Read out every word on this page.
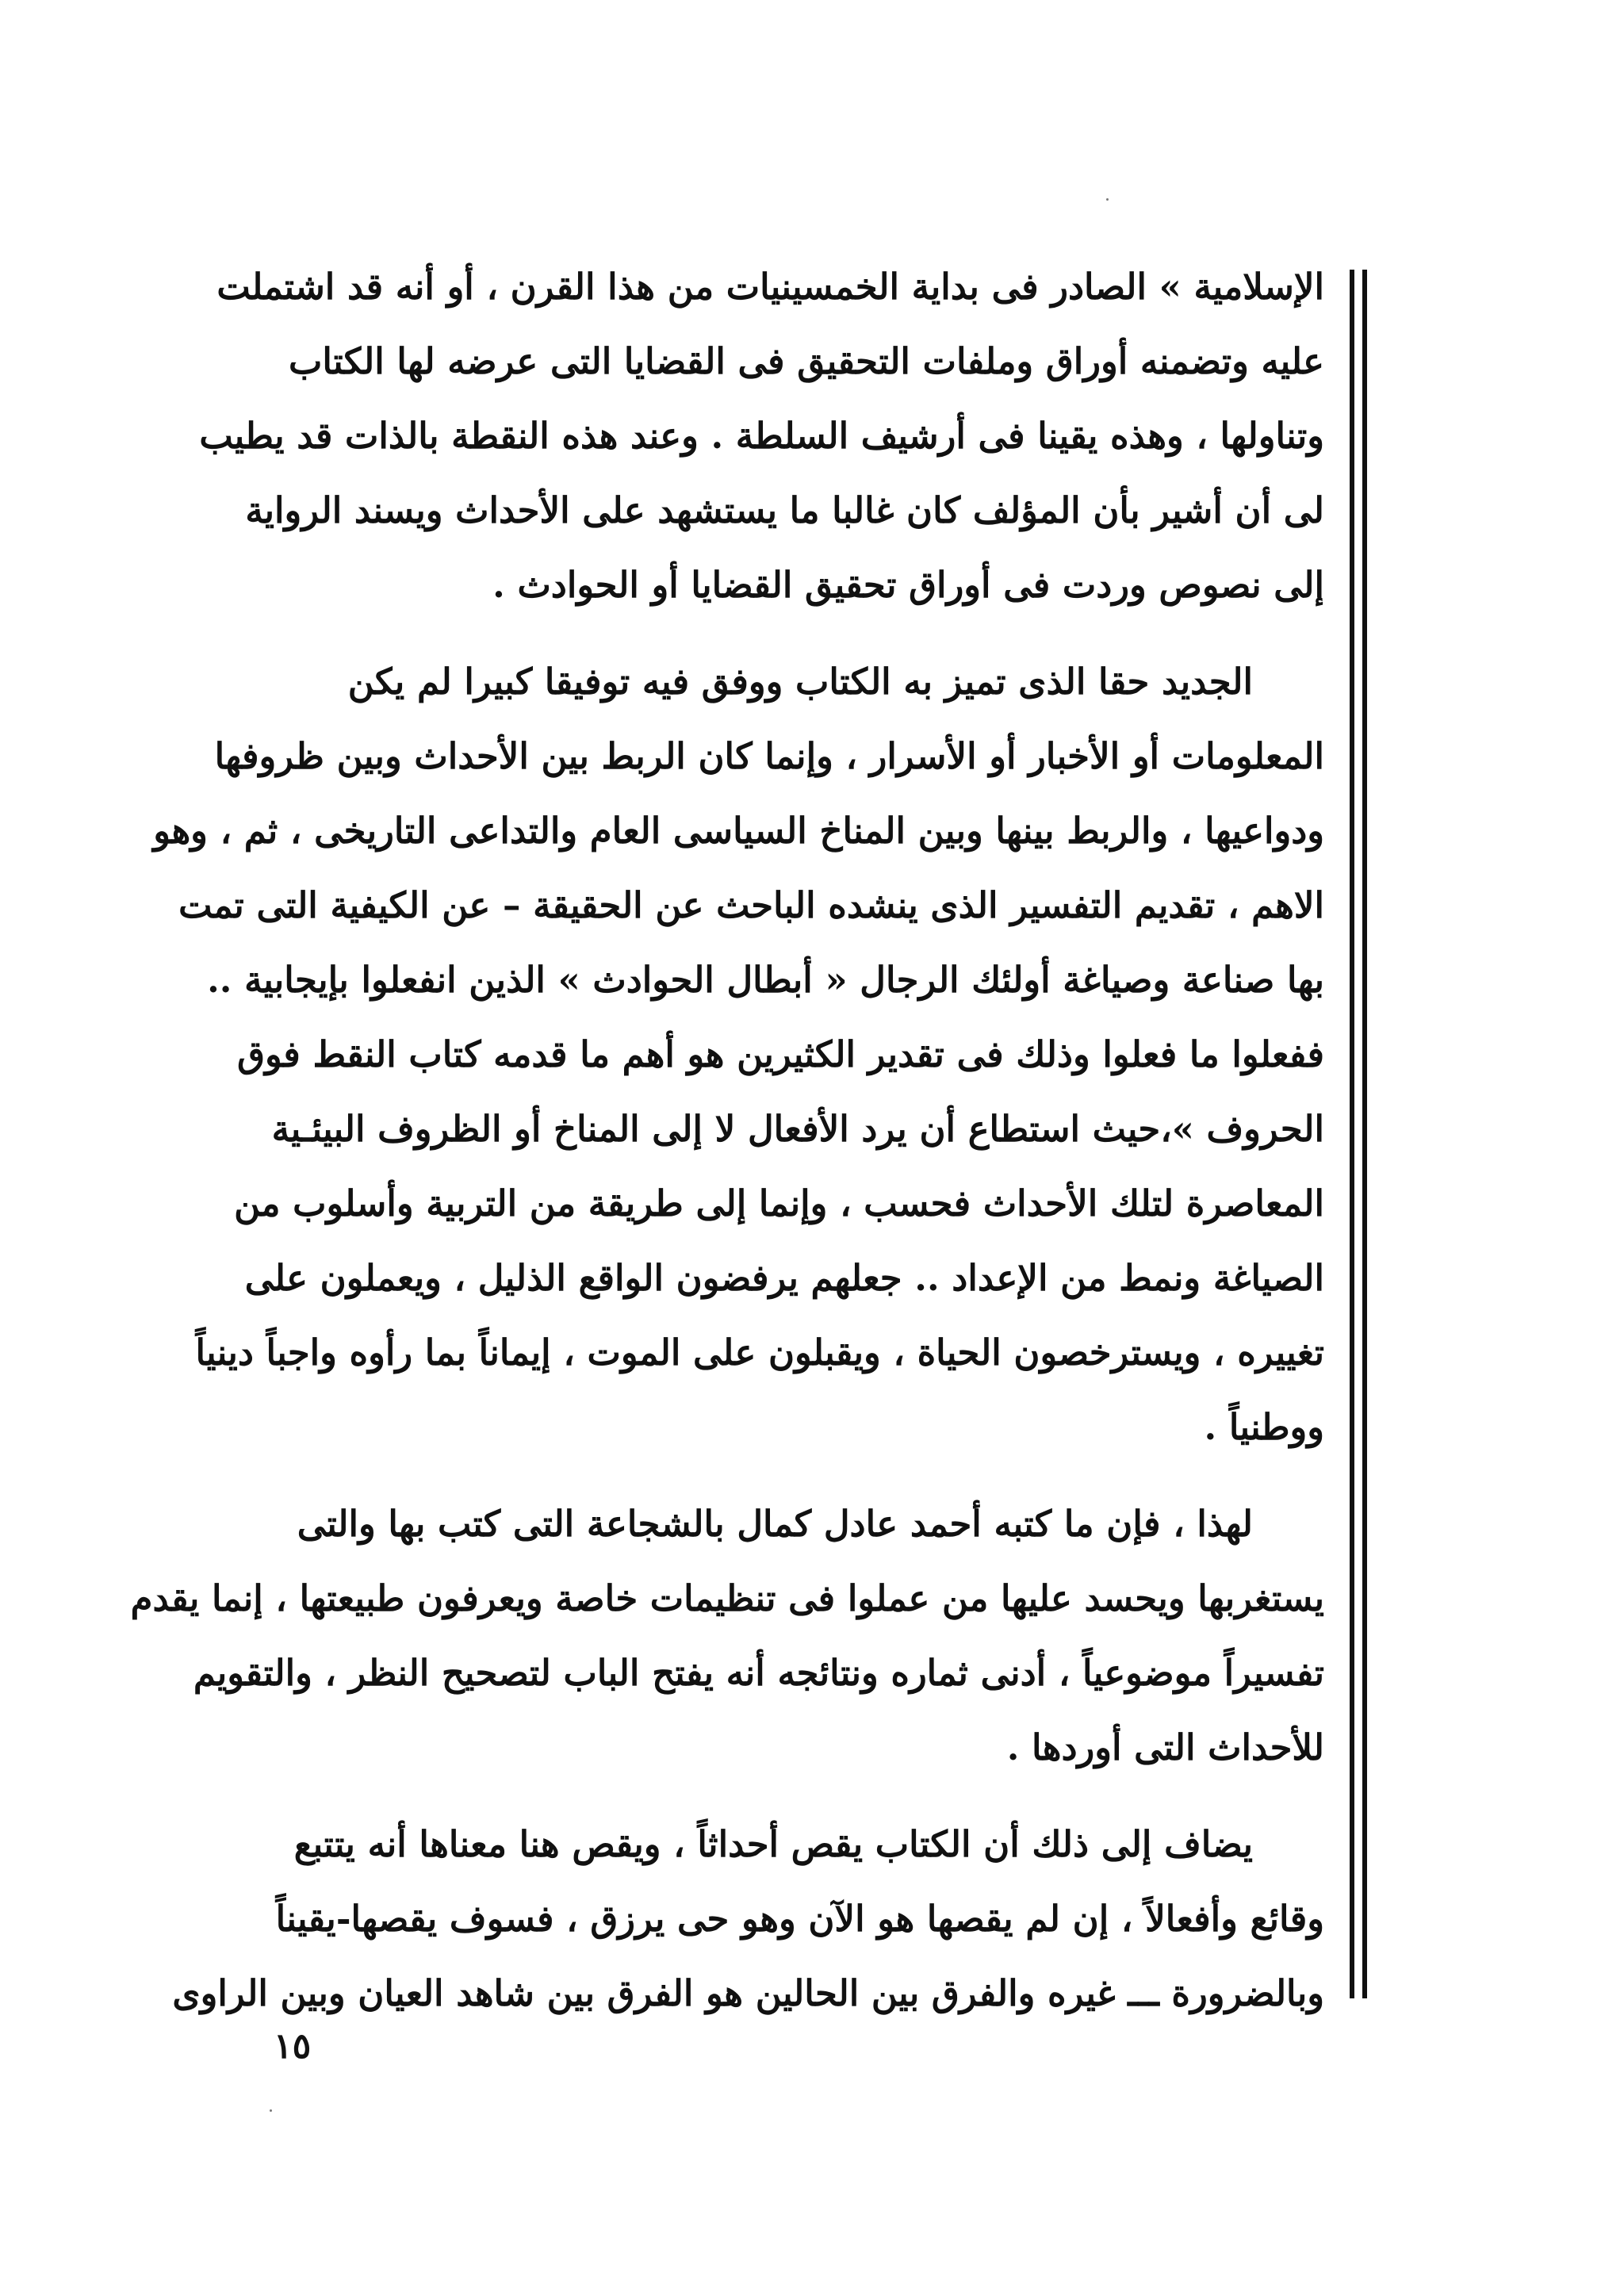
الإسلامية » الصادر فى بداية الخمسينيات من هذا القرن ، أو أنه قد اشتملت
عليه وتضمنه أوراق وملفات التحقيق فى القضايا التى عرضه لها الكتاب
وتناولها ، وهذه يقينا فى أرشيف السلطة . وعند هذه النقطة بالذات قد يطيب
لى أن أشير بأن المؤلف كان غالبا ما يستشهد على الأحداث ويسند الرواية
إلى نصوص وردت فى أوراق تحقيق القضايا أو الحوادث .
الجديد حقا الذى تميز به الكتاب ووفق فيه توفيقا كبيرا لم يكن
المعلومات أو الأخبار أو الأسرار ، وإنما كان الربط بين الأحداث وبين ظروفها
ودواعيها ، والربط بينها وبين المناخ السياسى العام والتداعى التاريخى ، ثم ، وهو
الاهم ، تقديم التفسير الذى ينشده الباحث عن الحقيقة – عن الكيفية التى تمت
بها صناعة وصياغة أولئك الرجال « أبطال الحوادث » الذين انفعلوا بإيجابية ..
ففعلوا ما فعلوا وذلك فى تقدير الكثيرين هو أهم ما قدمه كتاب النقط فوق
الحروف »،حيث استطاع أن يرد الأفعال لا إلى المناخ أو الظروف البيئـية
المعاصرة لتلك الأحداث فحسب ، وإنما إلى طريقة من التربية وأسلوب من
الصياغة ونمط من الإعداد .. جعلهم يرفضون الواقع الذليل ، ويعملون على
تغييره ، ويسترخصون الحياة ، ويقبلون على الموت ، إيماناً بما رأوه واجباً دينياً
ووطنياً .
لهذا ، فإن ما كتبه أحمد عادل كمال بالشجاعة التى كتب بها والتى
يستغربها ويحسد عليها من عملوا فى تنظيمات خاصة ويعرفون طبيعتها ، إنما يقدم
تفسيراً موضوعياً ، أدنى ثماره ونتائجه أنه يفتح الباب لتصحيح النظر ، والتقويم
للأحداث التى أوردها .
يضاف إلى ذلك أن الكتاب يقص أحداثاً ، ويقص هنا معناها أنه يتتبع
وقائع وأفعالاً ، إن لم يقصها هو الآن وهو حى يرزق ، فسوف يقصها-يقيناً
وبالضرورة ـــ غيره والفرق بين الحالين هو الفرق بين شاهد العيان وبين الراوى
١٥
